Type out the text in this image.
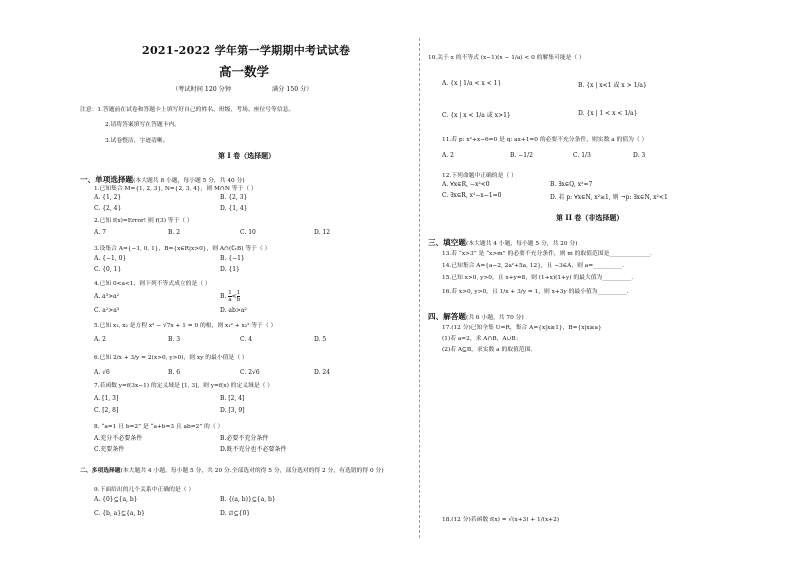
2021-2022 学年第一学期期中考试试卷
高一数学
（考试时间 120 分钟	满分 150 分）
注意：1.答题前在试卷和答题卡上填写好自己的姓名、班级、考场、座位号等信息。
2.请将答案填写在答题卡内。
3.试卷整洁，字迹清晰。
第 I 卷（选择题）
一、单项选择题(本大题共 8 小题，每小题 5 分，共 40 分)
1.已知集合 M={1, 2, 3}, N={2, 3, 4}，则 M∩N 等于（ ）
A. {1, 2}	B. {2, 3}
C. {2, 4}	D. {1, 4}
2.已知 f(x)=Error! 则 f(3) 等于（ ）
A. 7	B. 2	C. 10	D. 12
3.设集合 A={−1, 0, 1}，B={x∈R|x>0}，则 A∩(∁ᵣB) 等于（ ）
A. {−1, 0}	B. {−1}
C. {0, 1}	D. {1}
4.已知 0<a<1，则下列不等式成立的是（ ）
A. a³>a²	B. $\frac{1}{a} < \frac{1}{b}$
C. a²>a³	D. ab>a²
5.已知 x₁, x₂ 是方程 x² − √7x + 1 = 0 的根，则 x₁² + x₂² 等于（ ）
A. 2	B. 3	C. 4	D. 5
6.已知 2/x + 3/y = 2(x>0, y>0)，则 xy 的最小值是（ ）
A. √6	B. 6	C. 2√6	D. 24
7.若函数 y=f(3x−1) 的定义域是 [1, 3]，则 y=f(x) 的定义域是（ ）
A. [1, 3]	B. [2, 4]
C. [2, 8]	D. [3, 9]
8. “a=1 且 b=2” 是 “a+b=3 且 ab=2” 的（ ）
A.充分不必要条件	B.必要不充分条件
C.充要条件	D.既不充分也不必要条件
二、多项选择题(本大题共 4 小题，每小题 5 分，共 20 分.全部选对的得 5 分，部分选对的得 2 分，有选错的得 0 分)
9.下面给出的几个关系中正确的是（ ）
A. {0}⊆{a, b}	B. {(a, b)}⊆{a, b}
C. {b, a}⊆{a, b}	D. ∅⊆{0}
10.关于 x 的不等式 (x−1)(x − 1/a) < 0 的解集可能是（ ）
A. {x | 1/a < x < 1}	B. {x | x<1 或 x > 1/a}
C. {x | x < 1/a 或 x>1}	D. {x | 1 < x < 1/a}
11.若 p: x²+x−6=0 是 q: ax+1=0 的必要不充分条件，则实数 a 的值为（ ）
A. 2	B. −1/2	C. 1/3	D. 3
12.下列命题中正确的是（ ）
A. ∀x∈R, −x²<0	B. ∃x∈Q, x²=7
C. ∃x∈R, x²−x−1=0	D. 若 p: ∀x∈N, x²≥1, 则 ¬p: ∃x∈N, x²<1
第 II 卷（非选择题）
三、填空题(本大题共 4 小题，每小题 5 分，共 20 分)
13.若 “x>3” 是 “x>m” 的必要不充分条件，则 m 的取值范围是______________.
14.已知集合 A={a−2, 2a²+5a, 12}，且 −3∈A，则 a=__________.
15.已知 x>0, y>0，且 x+y=8，则 (1+x)(1+y) 的最大值为__________.
16.若 x>0, y>0，且 1/x + 3/y = 1，则 x+3y 的最小值为__________.
四、解答题(共 6 小题，共 70 分)
17.(12 分)已知全集 U=R，集合 A={x|x≥1}，B={x|x≥a}
(1)若 a=2，求 A∩B，A∪B；
(2)若 A⊆B，求实数 a 的取值范围.
18.(12 分)若函数 f(x) = √(x+3) + 1/(x+2)
